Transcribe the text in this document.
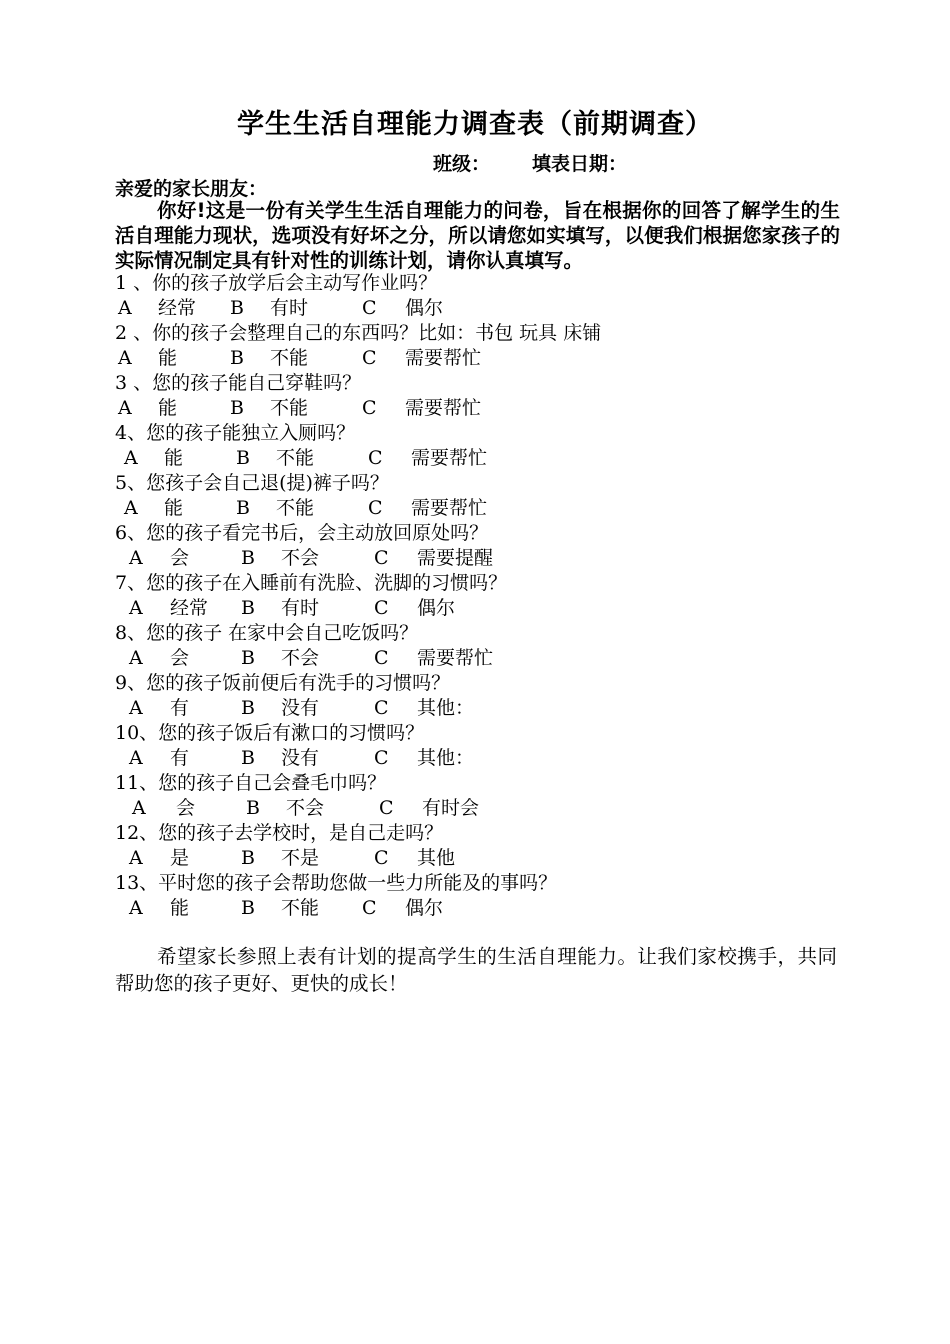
学生生活自理能力调查表（前期调查）
班级： 填表日期：
亲爱的家长朋友：
你好!这是一份有关学生生活自理能力的问卷，旨在根据你的回答了解学生的生活自理能力现状，选项没有好坏之分，所以请您如实填写，以便我们根据您家孩子的实际情况制定具有针对性的训练计划，请你认真填写。
1 、你的孩子放学后会主动写作业吗？
A 经常 B 有时	C 偶尔
2 、你的孩子会整理自己的东西吗？比如：书包 玩具 床铺
A 能	B 不能	C 需要帮忙
3 、您的孩子能自己穿鞋吗？
A 能	B 不能	C 需要帮忙
4、您的孩子能独立入厕吗？
A 能	B 不能	C 需要帮忙
5、您孩子会自己退(提)裤子吗？
A 能	B 不能	C 需要帮忙
6、您的孩子看完书后，会主动放回原处吗？
A 会	B 不会	C 需要提醒
7、您的孩子在入睡前有洗脸、洗脚的习惯吗？
A 经常 B 有时	C 偶尔
8、您的孩子 在家中会自己吃饭吗？
A 会	B 不会	C 需要帮忙
9、您的孩子饭前便后有洗手的习惯吗？
A 有	B 没有	C 其他：
10、您的孩子饭后有漱口的习惯吗？
A 有	B 没有	C 其他：
11、您的孩子自己会叠毛巾吗？
A 会	B 不会	C 有时会
12、您的孩子去学校时，是自己走吗？
A 是	B 不是	C 其他
13、平时您的孩子会帮助您做一些力所能及的事吗？
A 能	B 不能 C 偶尔
希望家长参照上表有计划的提高学生的生活自理能力。让我们家校携手，共同帮助您的孩子更好、更快的成长！
